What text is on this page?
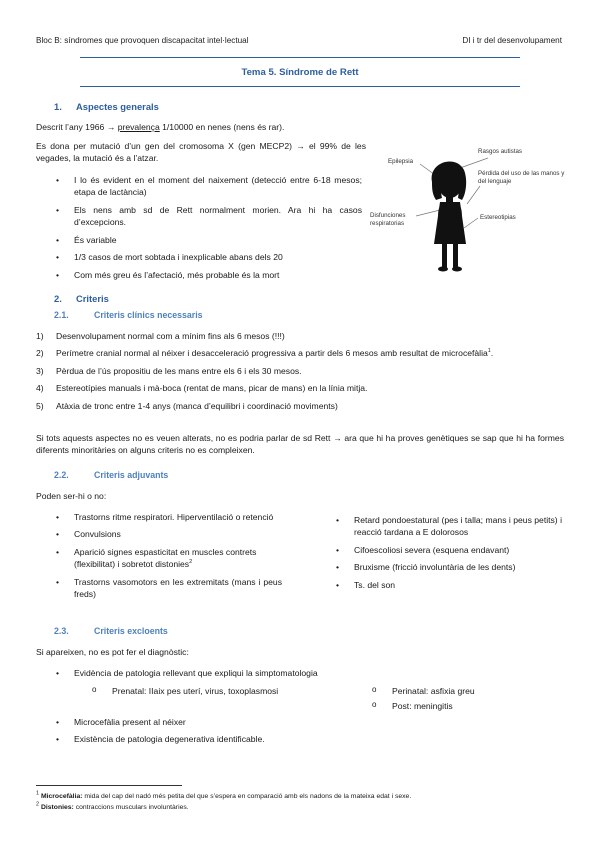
Bloc B: síndromes que provoquen discapacitat intel·lectual	DI i tr del desenvolupament
Tema 5. Síndrome de Rett
1. Aspectes generals
Descrit l’any 1966 → prevalença 1/10000 en nenes (nens és rar).
Es dona per mutació d’un gen del cromosoma X (gen MECP2) → el 99% de les vegades, la mutació és a l’atzar.
• I lo és evident en el moment del naixement (detecció entre 6-18 mesos; etapa de lactància)
• Els nens amb sd de Rett normalment morien. Ara hi ha casos d’excepcions.
• És variable
• 1/3 casos de mort sobtada i inexplicable abans dels 20
• Com més greu és l’afectació, més probable és la mort
Epilepsia
Rasgos autistas
Pérdida del uso de las manos y del lenguaje
Disfunciones respiratorias
Estereotipias
2. Criteris
2.1.	Criteris clínics necessaris
1) Desenvolupament normal com a mínim fins als 6 mesos (!!!)
2) Perímetre cranial normal al néixer i desacceleració progressiva a partir dels 6 mesos amb resultat de microcefàlia$^1$.
3) Pèrdua de l’ús propositiu de les mans entre els 6 i els 30 mesos.
4) Estereotípies manuals i mà-boca (rentat de mans, picar de mans) en la línia mitja.
5) Atàxia de tronc entre 1-4 anys (manca d’equilibri i coordinació moviments)
Si tots aquests aspectes no es veuen alterats, no es podria parlar de sd Rett → ara que hi ha proves genètiques se sap que hi ha formes diferents minoritàries on alguns criteris no es compleixen.
2.2.	Criteris adjuvants
Poden ser-hi o no:
• Trastorns ritme respiratori. Hiperventilació o retenció
• Convulsions
• Aparició signes espasticitat en muscles contrets (flexibilitat) i sobretot distonies$^2$
• Trastorns vasomotors en les extremitats (mans i peus freds)
• Retard pondoestatural (pes i talla; mans i peus petits) i reacció tardana a E dolorosos
• Cifoescoliosi severa (esquena endavant)
• Bruxisme (fricció involuntària de les dents)
• Ts. del son
2.3.	Criteris excloents
Si apareixen, no es pot fer el diagnòstic:
• Evidència de patologia rellevant que expliqui la simptomatologia
o Prenatal: IIaix pes uterí, virus, toxoplasmosi	o Perinatal: asfixia greu
o Post: meningitis
• Microcefàlia present al néixer
• Existència de patologia degenerativa identificable.
$^1$ Microcefàlia: mida del cap del nadó més petita del que s’espera en comparació amb els nadons de la mateixa edat i sexe.
$^2$ Distonies: contraccions musculars involuntàries.
